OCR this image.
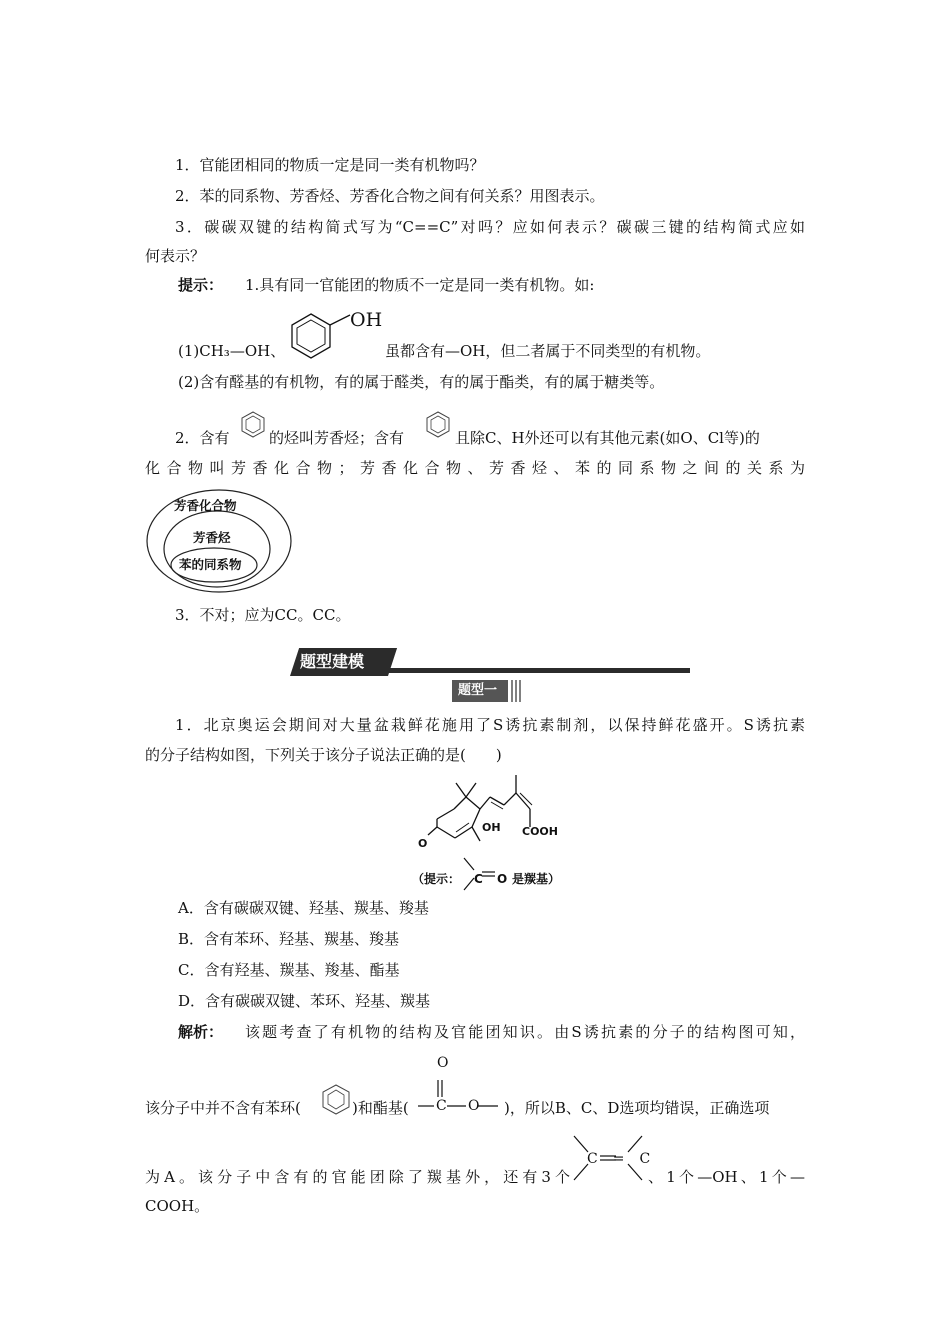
1．官能团相同的物质一定是同一类有机物吗？
2．苯的同系物、芳香烃、芳香化合物之间有何关系？用图表示。
3．碳碳双键的结构简式写为“C==C”对吗？应如何表示？碳碳三键的结构简式应如
何表示？
提示： 1.具有同一官能团的物质不一定是同一类有机物。如:
OH
(1)CH₃—OH、	虽都含有—OH，但二者属于不同类型的有机物。
(2)含有醛基的有机物，有的属于醛类，有的属于酯类，有的属于糖类等。
2．含有	的烃叫芳香烃；含有	且除C、H外还可以有其他元素(如O、Cl等)的
化合物叫芳香化合物；芳香化合物、芳香烃、苯的同系物之间的关系为
芳香化合物
芳香烃
苯的同系物
3．不对；应为CC。CC。
题型建模
题型一
1．北京奥运会期间对大量盆栽鲜花施用了S诱抗素制剂，以保持鲜花盛开。S诱抗素
的分子结构如图，下列关于该分子说法正确的是(　　)
O
OH COOH
（提示： C O 是羰基）
A．含有碳碳双键、羟基、羰基、羧基
B．含有苯环、羟基、羰基、羧基
C．含有羟基、羰基、羧基、酯基
D．含有碳碳双键、苯环、羟基、羰基
解析： 该题考查了有机物的结构及官能团知识。由S诱抗素的分子的结构图可知，
该分子中并不含有苯环(	)和酯基(
O
C O )，所以B、C、D选项均错误，正确选项
为A。该分子中含有的官能团除了羰基外，还有3个
C=C
、1个—OH、1个—
COOH。
